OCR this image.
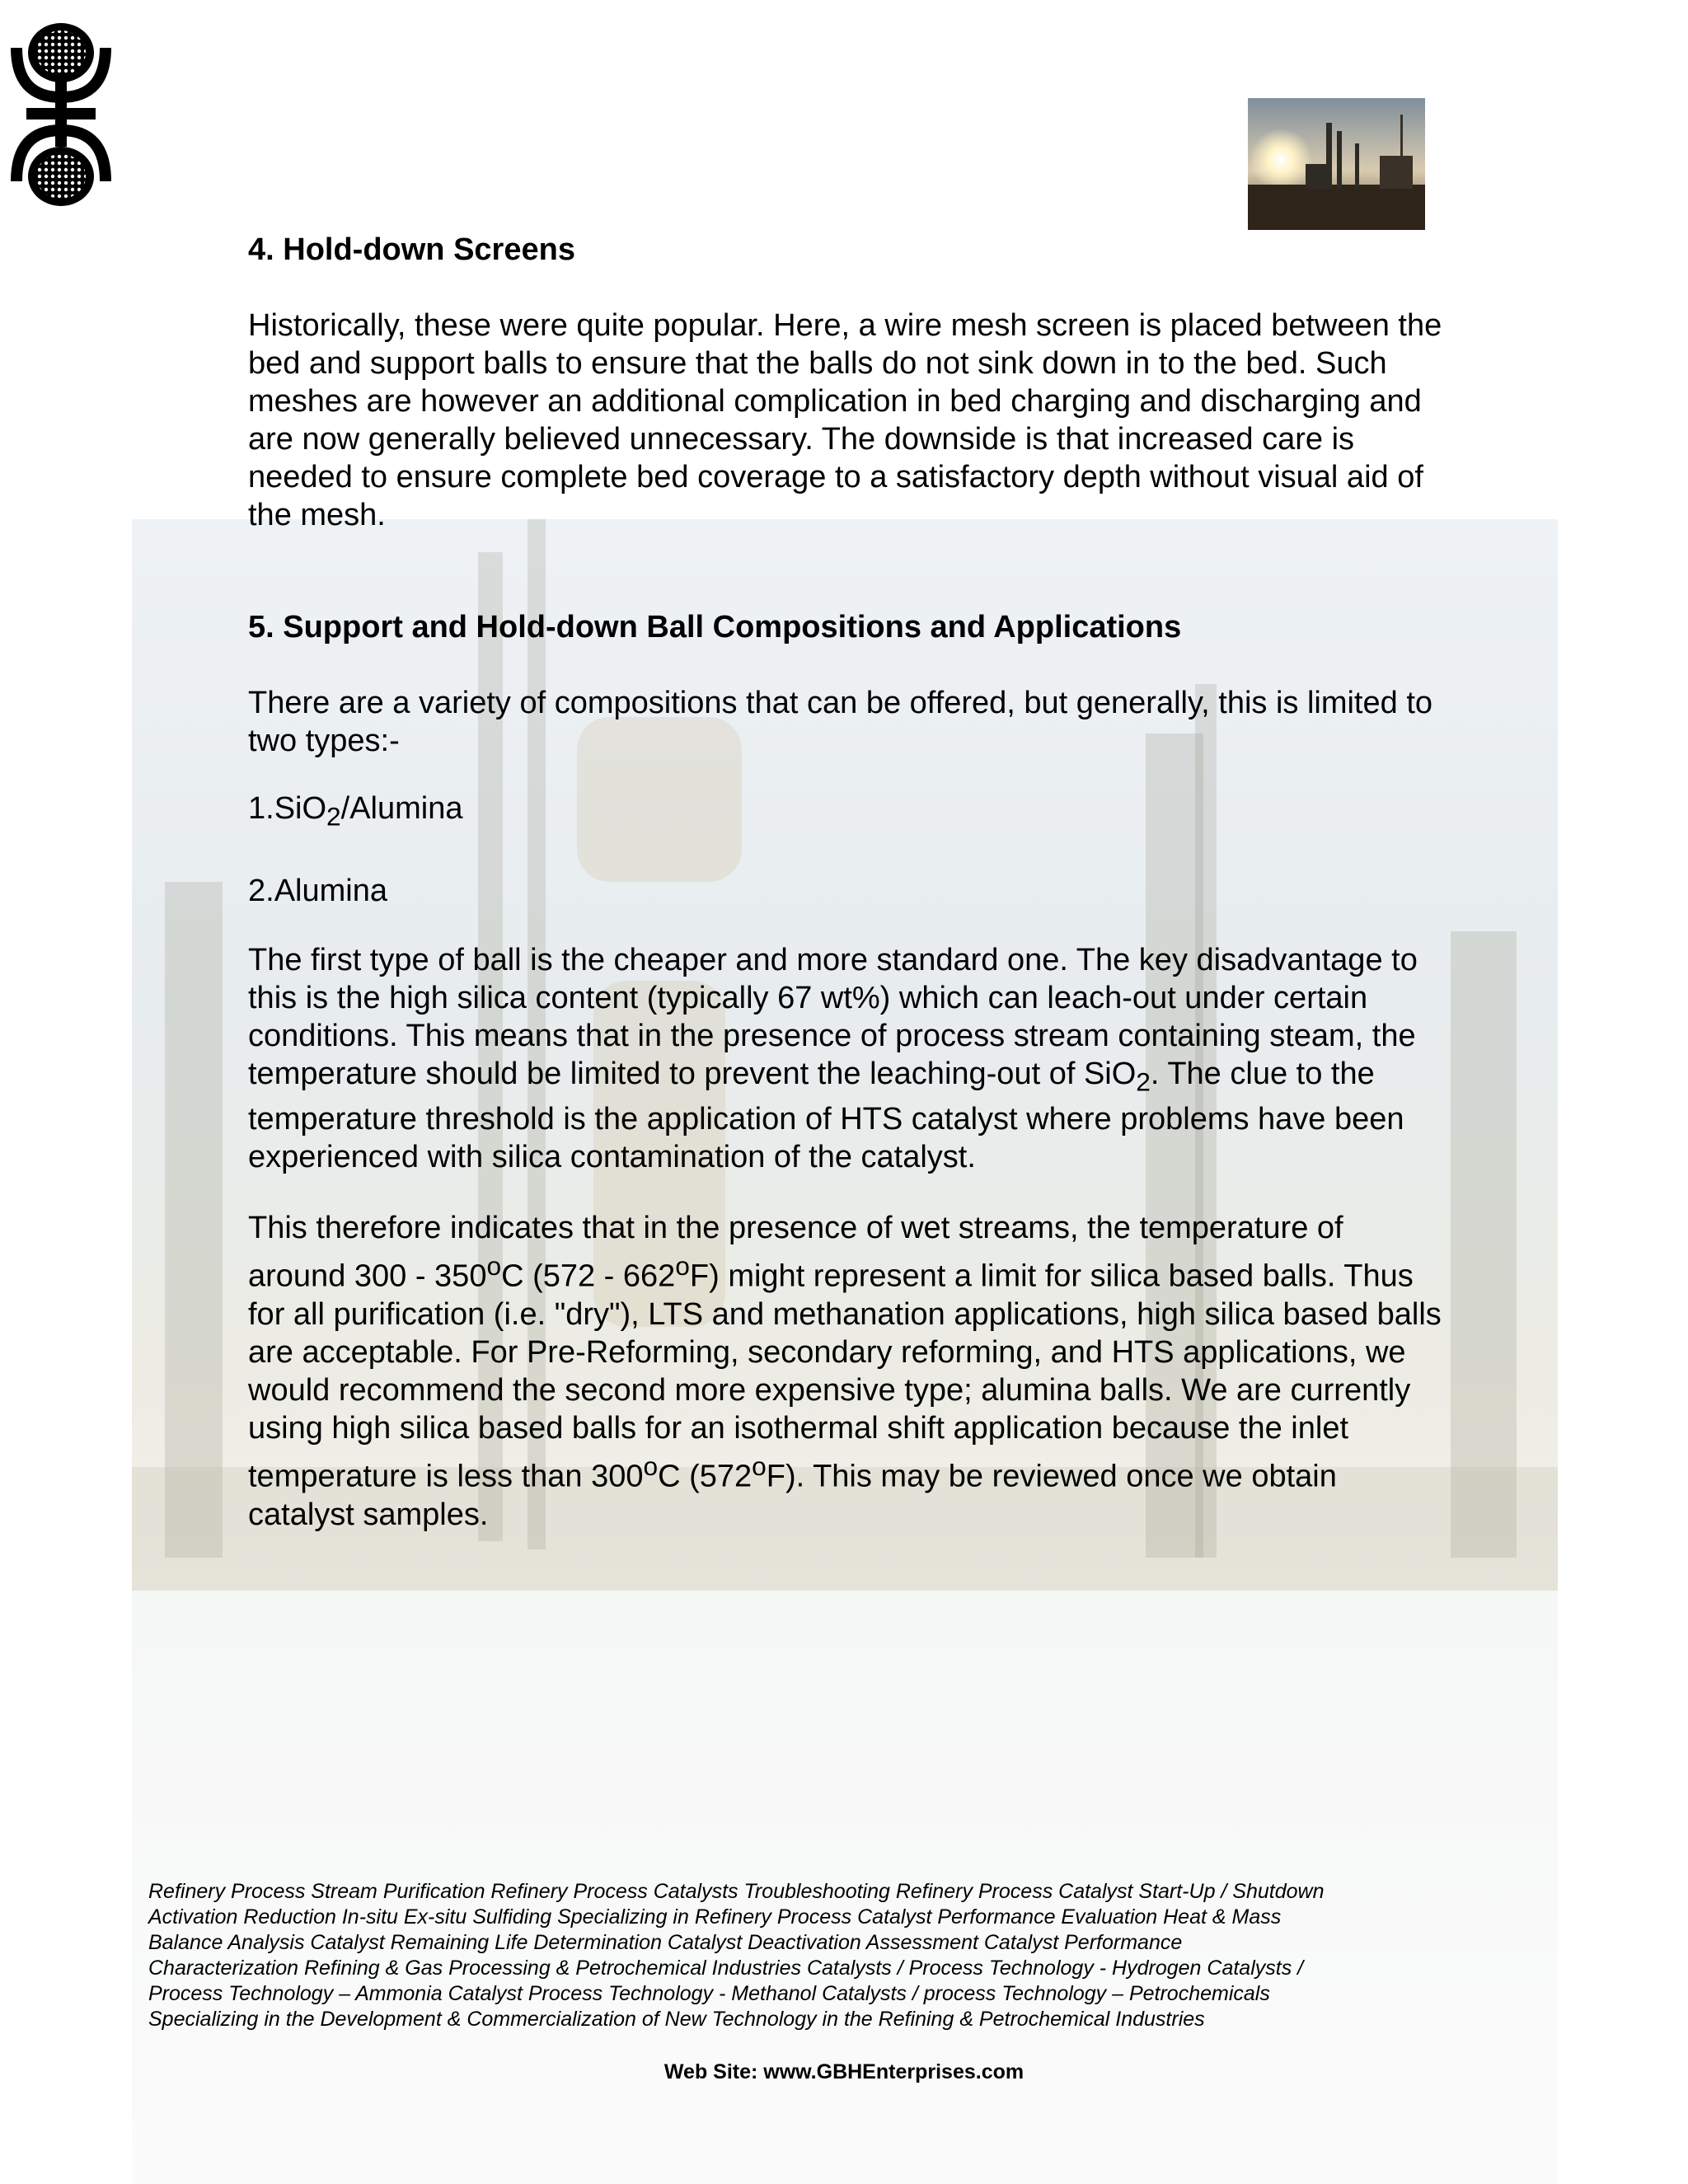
4. Hold-down Screens

Historically, these were quite popular. Here, a wire mesh screen is placed between the bed and support balls to ensure that the balls do not sink down in to the bed. Such meshes are however an additional complication in bed charging and discharging and are now generally believed unnecessary. The downside is that increased care is needed to ensure complete bed coverage to a satisfactory depth without visual aid of the mesh.

5. Support and Hold-down Ball Compositions and Applications

There are a variety of compositions that can be offered, but generally, this is limited to two types:-

1.SiO$_2$/Alumina

2.Alumina

The first type of ball is the cheaper and more standard one. The key disadvantage to this is the high silica content (typically 67 wt%) which can leach-out under certain conditions. This means that in the presence of process stream containing steam, the temperature should be limited to prevent the leaching-out of SiO$_2$. The clue to the temperature threshold is the application of HTS catalyst where problems have been experienced with silica contamination of the catalyst.

This therefore indicates that in the presence of wet streams, the temperature of around 300 - 350$^o$C (572 - 662$^o$F) might represent a limit for silica based balls. Thus for all purification (i.e. "dry"), LTS and methanation applications, high silica based balls are acceptable. For Pre-Reforming, secondary reforming, and HTS applications, we would recommend the second more expensive type; alumina balls. We are currently using high silica based balls for an isothermal shift application because the inlet temperature is less than 300$^o$C (572$^o$F). This may be reviewed once we obtain catalyst samples.

Refinery Process Stream Purification Refinery Process Catalysts Troubleshooting Refinery Process Catalyst Start-Up / Shutdown
Activation Reduction In-situ Ex-situ Sulfiding Specializing in Refinery Process Catalyst Performance Evaluation Heat & Mass
Balance Analysis Catalyst Remaining Life Determination Catalyst Deactivation Assessment Catalyst Performance
Characterization Refining & Gas Processing & Petrochemical Industries Catalysts / Process Technology - Hydrogen Catalysts /
Process Technology – Ammonia Catalyst Process Technology - Methanol Catalysts / process Technology – Petrochemicals
Specializing in the Development & Commercialization of New Technology in the Refining & Petrochemical Industries
Web Site: www.GBHEnterprises.com
